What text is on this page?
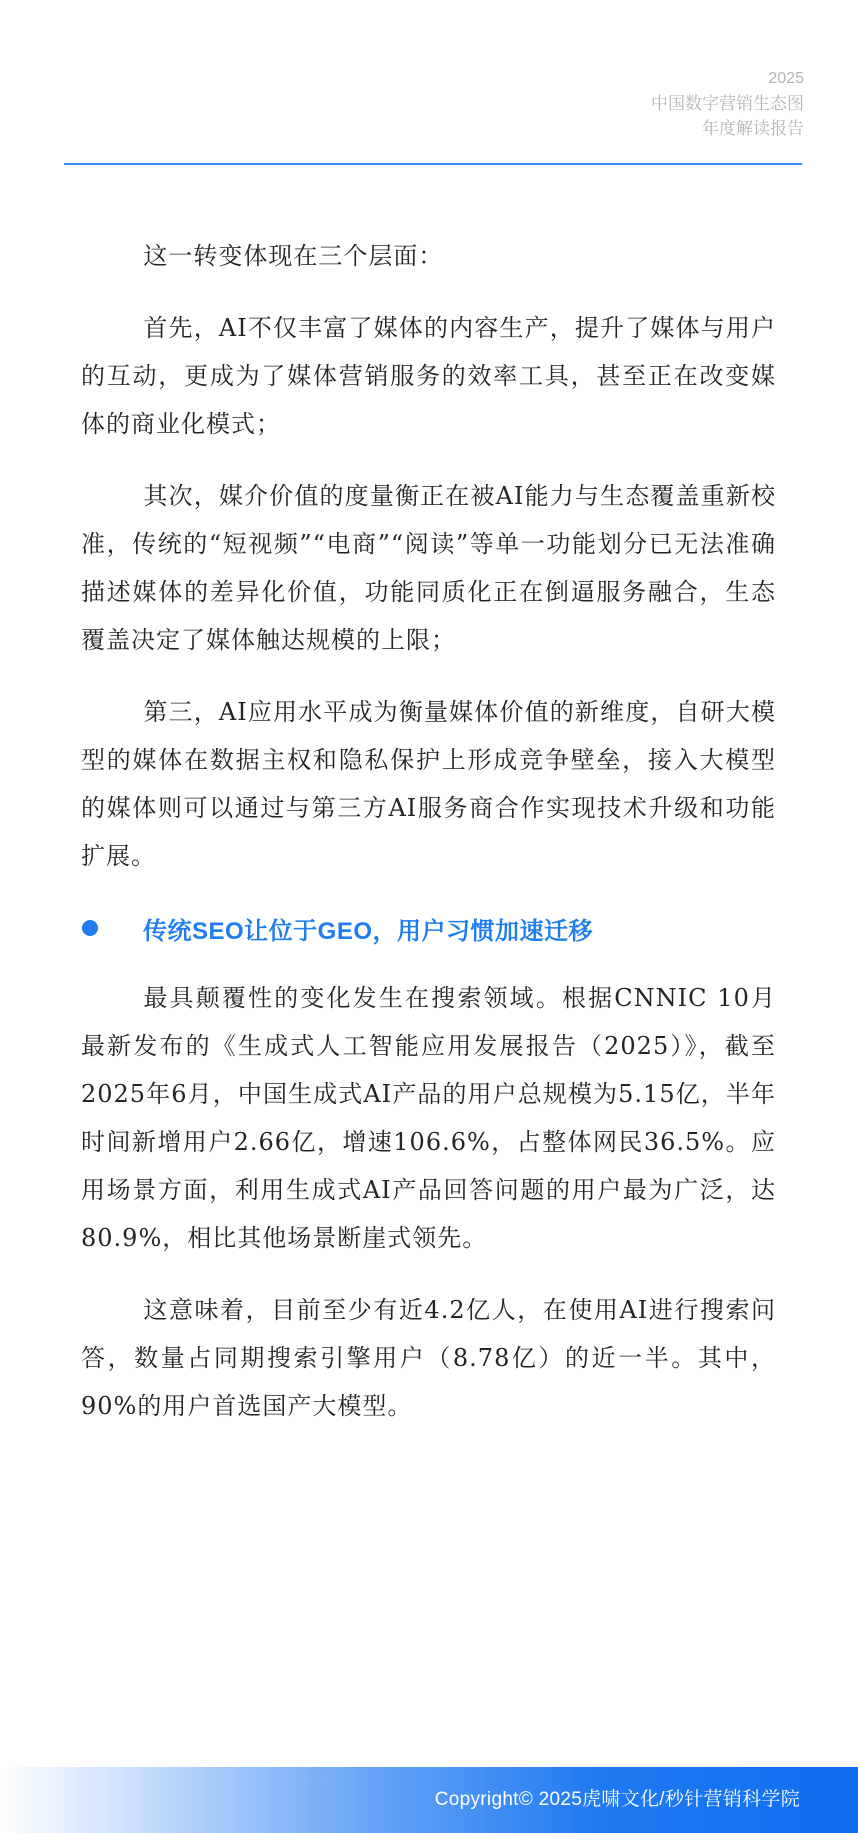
2025
中国数字营销生态图
年度解读报告

这一转变体现在三个层面：

首先，AI不仅丰富了媒体的内容生产，提升了媒体与用户的互动，更成为了媒体营销服务的效率工具，甚至正在改变媒体的商业化模式；

其次，媒介价值的度量衡正在被AI能力与生态覆盖重新校准，传统的“短视频”“电商”“阅读”等单一功能划分已无法准确描述媒体的差异化价值，功能同质化正在倒逼服务融合，生态覆盖决定了媒体触达规模的上限；

第三，AI应用水平成为衡量媒体价值的新维度，自研大模型的媒体在数据主权和隐私保护上形成竞争壁垒，接入大模型的媒体则可以通过与第三方AI服务商合作实现技术升级和功能扩展。

传统SEO让位于GEO，用户习惯加速迁移

最具颠覆性的变化发生在搜索领域。根据CNNIC 10月最新发布的《生成式人工智能应用发展报告（2025）》，截至2025年6月，中国生成式AI产品的用户总规模为5.15亿，半年时间新增用户2.66亿，增速106.6%，占整体网民36.5%。应用场景方面，利用生成式AI产品回答问题的用户最为广泛，达80.9%，相比其他场景断崖式领先。

这意味着，目前至少有近4.2亿人，在使用AI进行搜索问答，数量占同期搜索引擎用户（8.78亿）的近一半。其中，90%的用户首选国产大模型。

Copyright© 2025虎啸文化/秒针营销科学院
